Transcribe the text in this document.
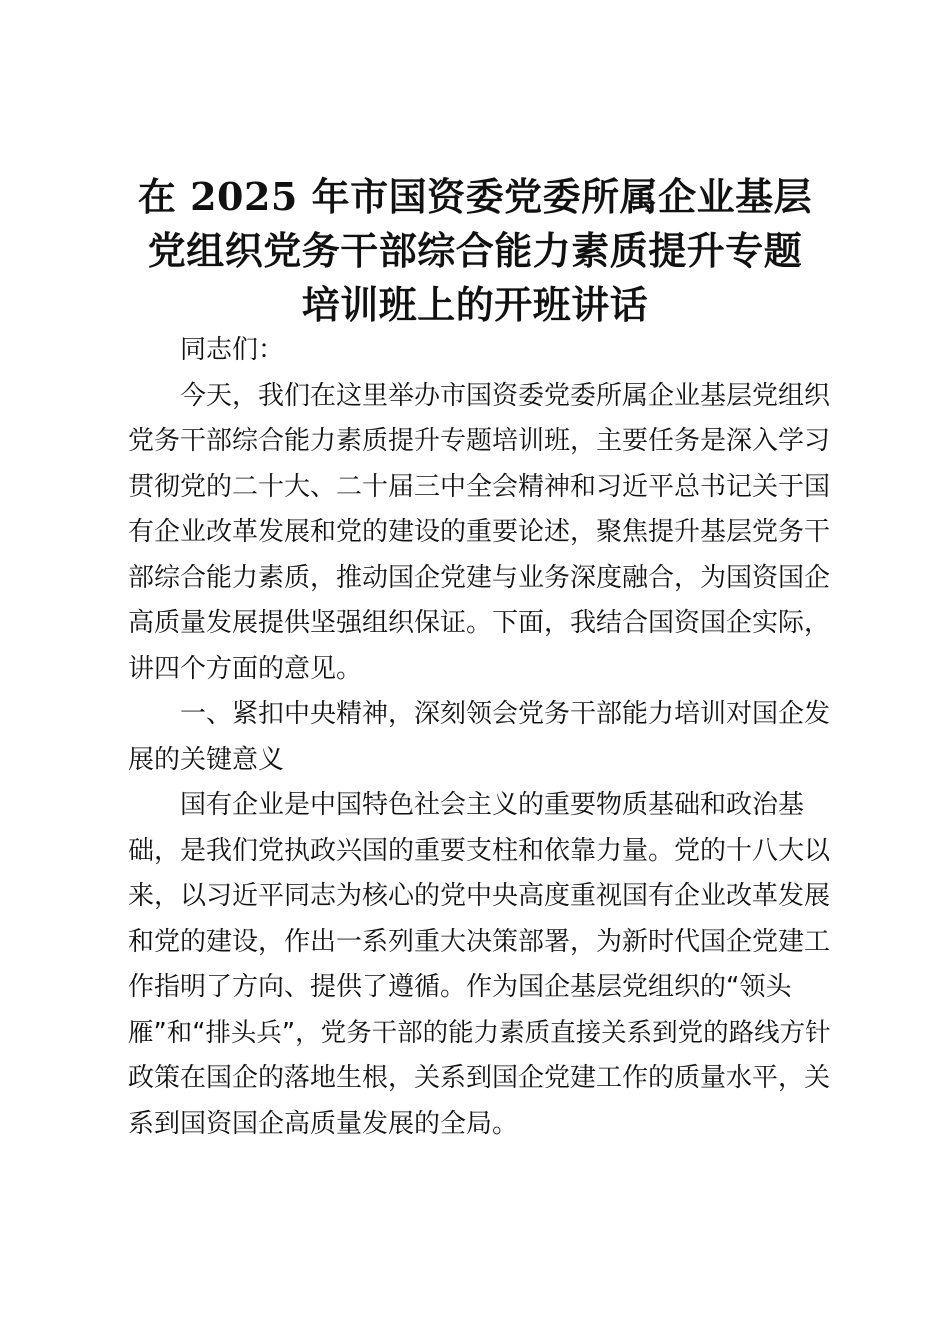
在 2025 年市国资委党委所属企业基层
党组织党务干部综合能力素质提升专题
培训班上的开班讲话
同志们：
今天，我们在这里举办市国资委党委所属企业基层党组织
党务干部综合能力素质提升专题培训班，主要任务是深入学习
贯彻党的二十大、二十届三中全会精神和习近平总书记关于国
有企业改革发展和党的建设的重要论述，聚焦提升基层党务干
部综合能力素质，推动国企党建与业务深度融合，为国资国企
高质量发展提供坚强组织保证。下面，我结合国资国企实际，
讲四个方面的意见。
一、紧扣中央精神，深刻领会党务干部能力培训对国企发
展的关键意义
国有企业是中国特色社会主义的重要物质基础和政治基
础，是我们党执政兴国的重要支柱和依靠力量。党的十八大以
来，以习近平同志为核心的党中央高度重视国有企业改革发展
和党的建设，作出一系列重大决策部署，为新时代国企党建工
作指明了方向、提供了遵循。作为国企基层党组织的“领头
雁”和“排头兵”，党务干部的能力素质直接关系到党的路线方针
政策在国企的落地生根，关系到国企党建工作的质量水平，关
系到国资国企高质量发展的全局。
